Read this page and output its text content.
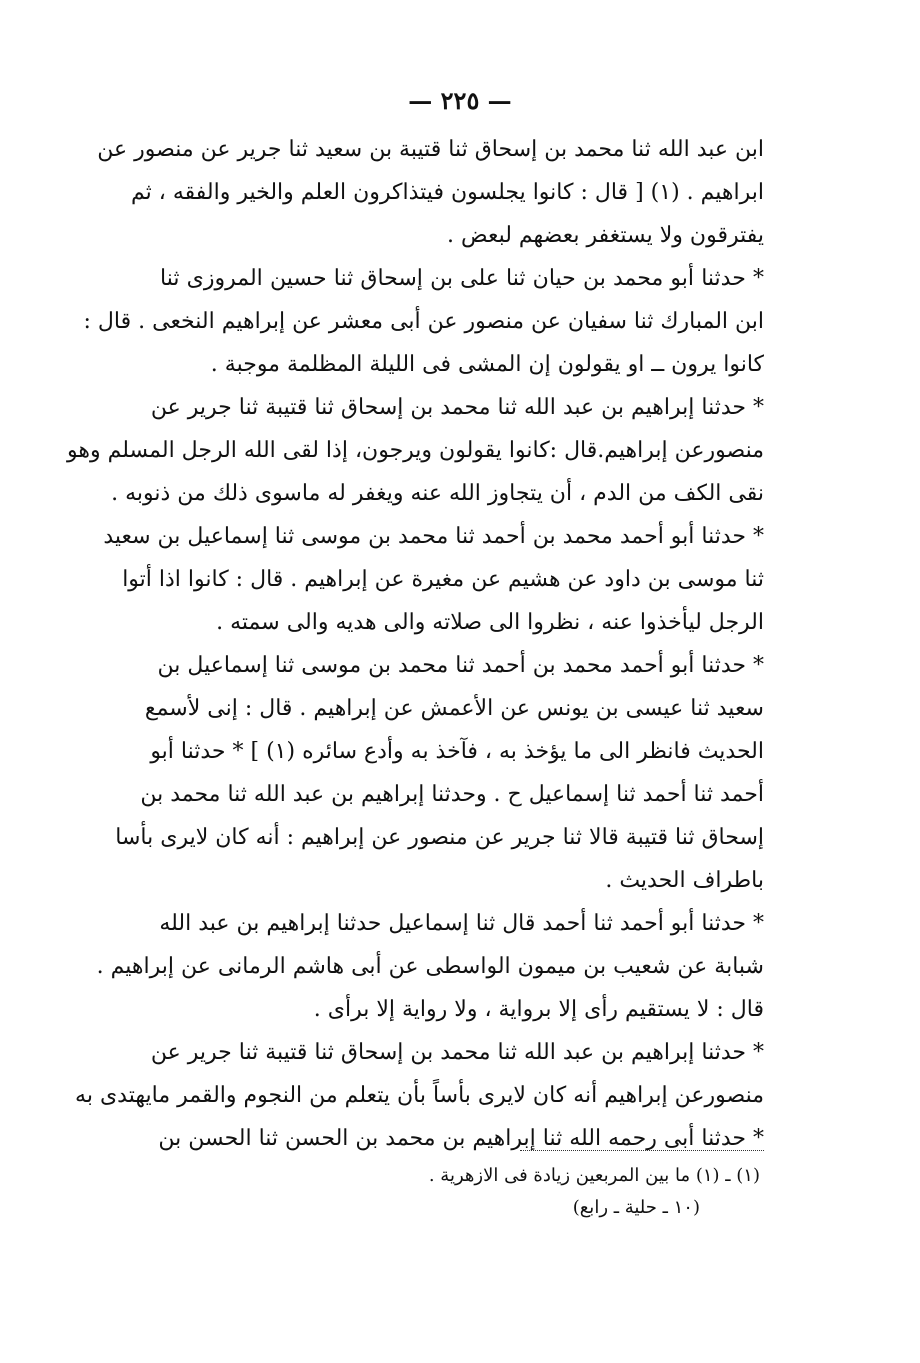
— ٢٢٥ —
ابن عبد الله ثنا محمد بن إسحاق ثنا قتيبة بن سعيد ثنا جرير عن منصور عن
ابراهيم . (١) [ قال : كانوا يجلسون فيتذاكرون العلم والخير والفقه ، ثم
يفترقون ولا يستغفر بعضهم لبعض .
* حدثنا أبو محمد بن حيان ثنا على بن إسحاق ثنا حسين المروزى ثنا
ابن المبارك ثنا سفيان عن منصور عن أبى معشر عن إبراهيم النخعى . قال :
كانوا يرون ــ او يقولون إن المشى فى الليلة المظلمة موجبة .
* حدثنا إبراهيم بن عبد الله ثنا محمد بن إسحاق ثنا قتيبة ثنا جرير عن
منصورعن إبراهيم.قال :كانوا يقولون ويرجون، إذا لقى الله الرجل المسلم وهو
نقى الكف من الدم ، أن يتجاوز الله عنه ويغفر له ماسوى ذلك من ذنوبه .
* حدثنا أبو أحمد محمد بن أحمد ثنا محمد بن موسى ثنا إسماعيل بن سعيد
ثنا موسى بن داود عن هشيم عن مغيرة عن إبراهيم . قال : كانوا اذا أتوا
الرجل ليأخذوا عنه ، نظروا الى صلاته والى هديه والى سمته .
* حدثنا أبو أحمد محمد بن أحمد ثنا محمد بن موسى ثنا إسماعيل بن
سعيد ثنا عيسى بن يونس عن الأعمش عن إبراهيم . قال : إنى لأسمع
الحديث فانظر الى ما يؤخذ به ، فآخذ به وأدع سائره (١) ] * حدثنا أبو
أحمد ثنا أحمد ثنا إسماعيل ح . وحدثنا إبراهيم بن عبد الله ثنا محمد بن
إسحاق ثنا قتيبة قالا ثنا جرير عن منصور عن إبراهيم : أنه كان لايرى بأسا
باطراف الحديث .
* حدثنا أبو أحمد ثنا أحمد قال ثنا إسماعيل حدثنا إبراهيم بن عبد الله
شبابة عن شعيب بن ميمون الواسطى عن أبى هاشم الرمانى عن إبراهيم .
قال : لا يستقيم رأى إلا برواية ، ولا رواية إلا برأى .
* حدثنا إبراهيم بن عبد الله ثنا محمد بن إسحاق ثنا قتيبة ثنا جرير عن
منصورعن إبراهيم أنه كان لايرى بأساً بأن يتعلم من النجوم والقمر مايهتدى به
* حدثنا أبى رحمه الله ثنا إبراهيم بن محمد بن الحسن ثنا الحسن بن
(١) ـ (١) ما بين المربعين زيادة فى الازهرية .
(١٠ ـ حلية ـ رابع)
